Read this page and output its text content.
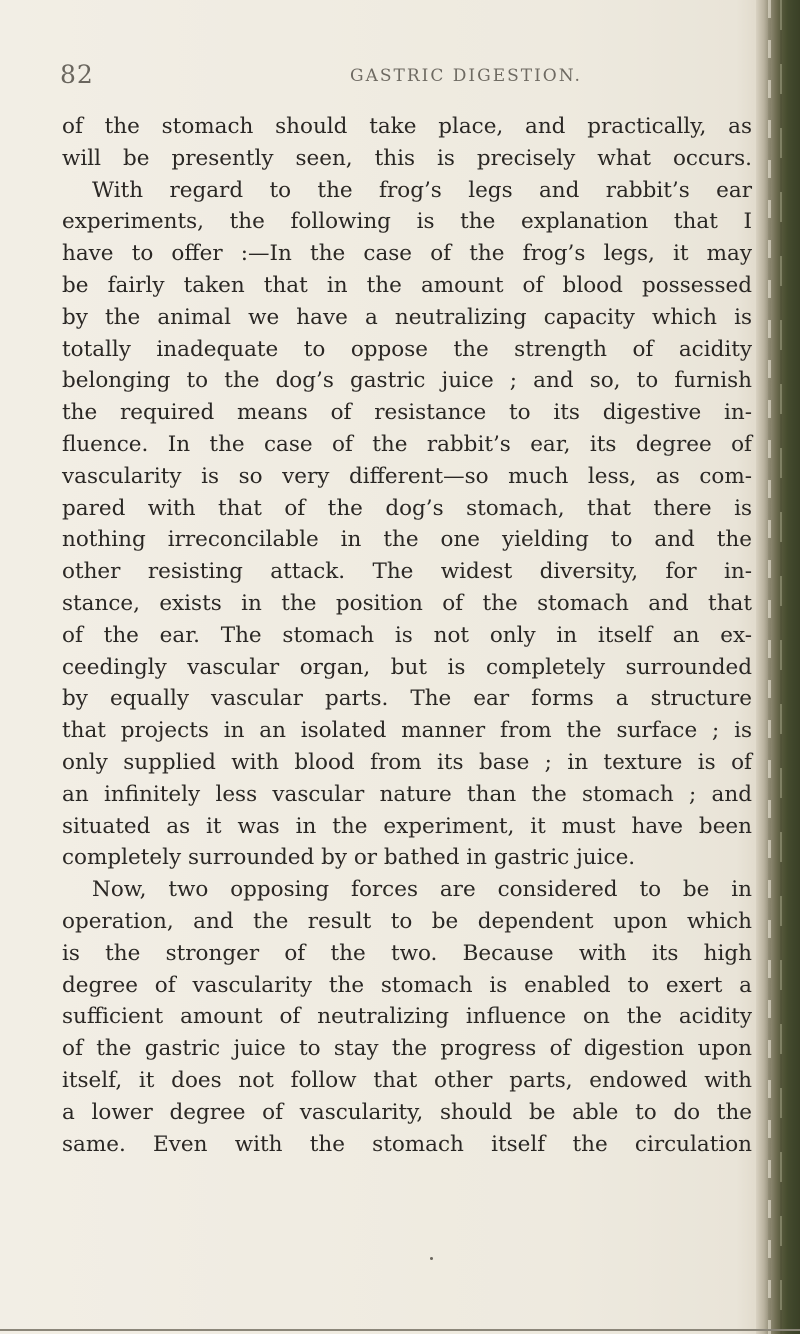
82	GASTRIC DIGESTION.
of the stomach should take place, and practically, as
will be presently seen, this is precisely what occurs.
With regard to the frog’s legs and rabbit’s ear
experiments, the following is the explanation that I
have to offer :—In the case of the frog’s legs, it may
be fairly taken that in the amount of blood possessed
by the animal we have a neutralizing capacity which is
totally inadequate to oppose the strength of acidity
belonging to the dog’s gastric juice ; and so, to furnish
the required means of resistance to its digestive in-
fluence. In the case of the rabbit’s ear, its degree of
vascularity is so very different—so much less, as com-
pared with that of the dog’s stomach, that there is
nothing irreconcilable in the one yielding to and the
other resisting attack. The widest diversity, for in-
stance, exists in the position of the stomach and that
of the ear. The stomach is not only in itself an ex-
ceedingly vascular organ, but is completely surrounded
by equally vascular parts. The ear forms a structure
that projects in an isolated manner from the surface ; is
only supplied with blood from its base ; in texture is of
an infinitely less vascular nature than the stomach ; and
situated as it was in the experiment, it must have been
completely surrounded by or bathed in gastric juice.
Now, two opposing forces are considered to be in
operation, and the result to be dependent upon which
is the stronger of the two. Because with its high
degree of vascularity the stomach is enabled to exert a
sufficient amount of neutralizing influence on the acidity
of the gastric juice to stay the progress of digestion upon
itself, it does not follow that other parts, endowed with
a lower degree of vascularity, should be able to do the
same. Even with the stomach itself the circulation
